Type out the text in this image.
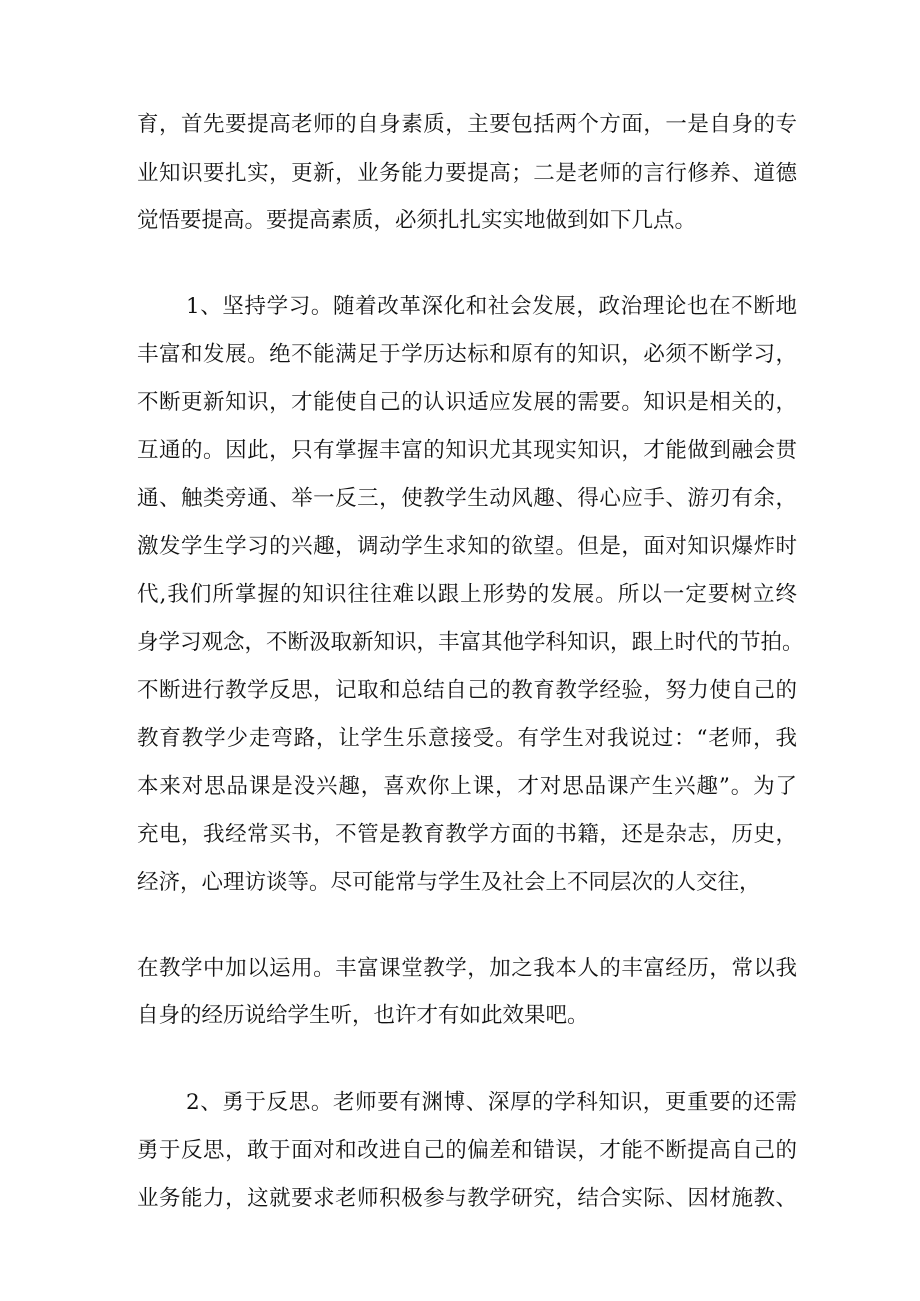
育，首先要提高老师的自身素质，主要包括两个方面，一是自身的专
业知识要扎实，更新，业务能力要提高；二是老师的言行修养、道德
觉悟要提高。要提高素质，必须扎扎实实地做到如下几点。
1、坚持学习。随着改革深化和社会发展，政治理论也在不断地
丰富和发展。绝不能满足于学历达标和原有的知识，必须不断学习，
不断更新知识，才能使自己的认识适应发展的需要。知识是相关的，
互通的。因此，只有掌握丰富的知识尤其现实知识，才能做到融会贯
通、触类旁通、举一反三，使教学生动风趣、得心应手、游刃有余，
激发学生学习的兴趣，调动学生求知的欲望。但是，面对知识爆炸时
代,我们所掌握的知识往往难以跟上形势的发展。所以一定要树立终
身学习观念，不断汲取新知识，丰富其他学科知识，跟上时代的节拍。
不断进行教学反思，记取和总结自己的教育教学经验，努力使自己的
教育教学少走弯路，让学生乐意接受。有学生对我说过：“老师，我
本来对思品课是没兴趣，喜欢你上课，才对思品课产生兴趣”。为了
充电，我经常买书，不管是教育教学方面的书籍，还是杂志，历史，
经济，心理访谈等。尽可能常与学生及社会上不同层次的人交往，
在教学中加以运用。丰富课堂教学，加之我本人的丰富经历，常以我
自身的经历说给学生听，也许才有如此效果吧。
2、勇于反思。老师要有渊博、深厚的学科知识，更重要的还需
勇于反思，敢于面对和改进自己的偏差和错误，才能不断提高自己的
业务能力，这就要求老师积极参与教学研究，结合实际、因材施教、
